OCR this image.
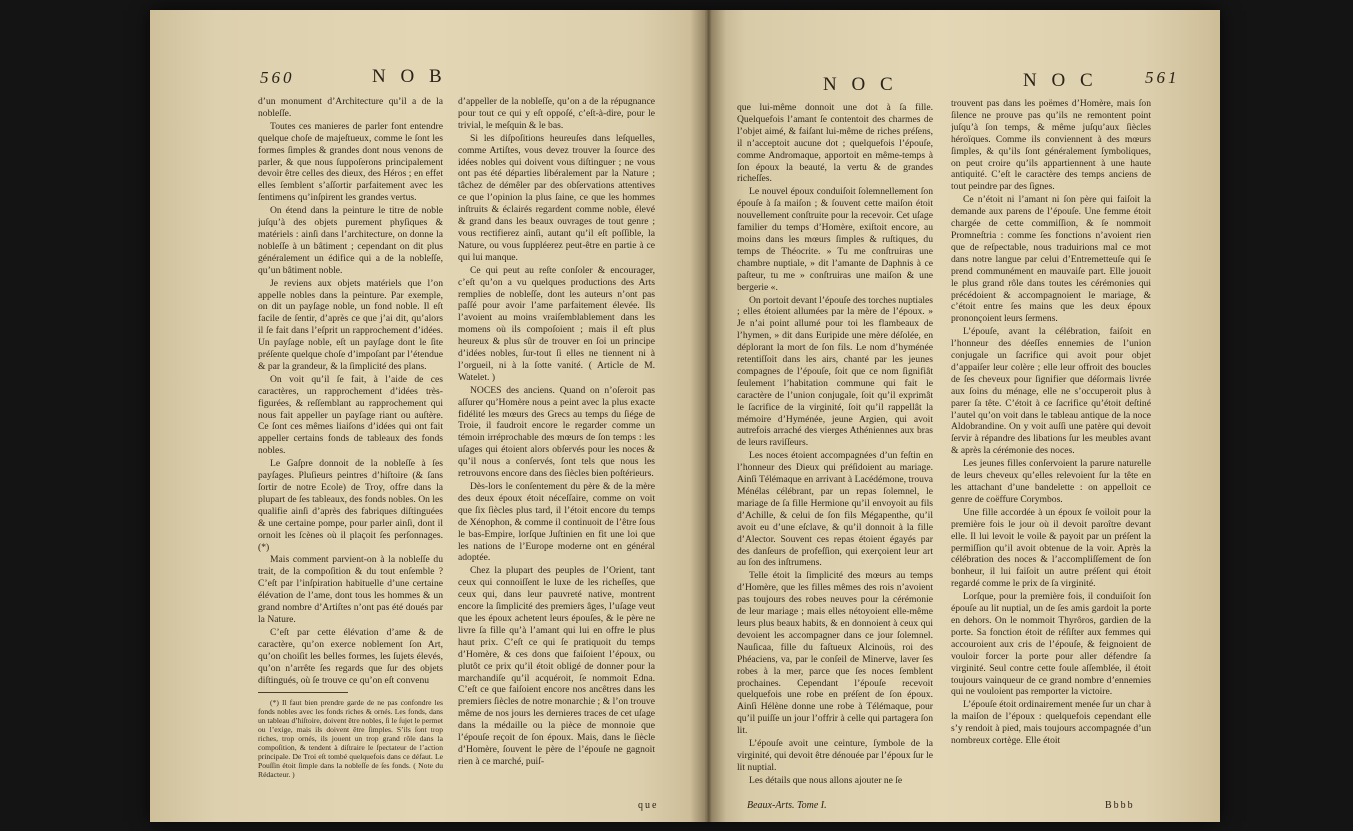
560	N O B

d’un monument d’Architecture qu’il a de la nobleſſe.

Toutes ces manieres de parler font entendre quelque choſe de majeſtueux, comme le ſont les formes ſimples & grandes dont nous venons de parler, & que nous ſuppoſerons principalement devoir être celles des dieux, des Héros ; en effet elles ſemblent s’aſſortir parfaitement avec les ſentimens qu’inſpirent les grandes vertus.

On étend dans la peinture le titre de noble juſqu’à des objets purement phyſiques & matériels : ainſi dans l’architecture, on donne la nobleſſe à un bâtiment ; cependant on dit plus généralement un édifice qui a de la nobleſſe, qu’un bâtiment noble.

Je reviens aux objets matériels que l’on appelle nobles dans la peinture. Par exemple, on dit un payſage noble, un fond noble. Il eſt facile de ſentir, d’après ce que j’ai dit, qu’alors il ſe fait dans l’eſprit un rapprochement d’idées. Un payſage noble, eſt un payſage dont le ſite préſente quelque choſe d’impoſant par l’étendue & par la grandeur, & la ſimplicité des plans.

On voit qu’il ſe fait, à l’aide de ces caractères, un rapprochement d’idées très-figurées, & reſſemblant au rapprochement qui nous fait appeller un payſage riant ou auſtère. Ce ſont ces mêmes liaiſons d’idées qui ont fait appeller certains fonds de tableaux des fonds nobles.

Le Gaſpre donnoit de la nobleſſe à ſes payſages. Pluſieurs peintres d’hiſtoire (& ſans ſortir de notre Ecole) de Troy, offre dans la plupart de ſes tableaux, des fonds nobles. On les qualifie ainſi d’après des fabriques diſtinguées & une certaine pompe, pour parler ainſi, dont il ornoit les ſcènes où il plaçoit ſes perſonnages. (*)

Mais comment parvient-on à la nobleſſe du trait, de la compoſition & du tout enſemble ? C’eſt par l’inſpiration habituelle d’une certaine élévation de l’ame, dont tous les hommes & un grand nombre d’Artiſtes n’ont pas été doués par la Nature.

C’eſt par cette élévation d’ame & de caractère, qu’on exerce noblement ſon Art, qu’on choiſit les belles formes, les ſujets élevés, qu’on n’arrête ſes regards que ſur des objets diſtingués, où ſe trouve ce qu’on eſt convenu

(*) Il faut bien prendre garde de ne pas confondre les fonds nobles avec les fonds riches & ornés. Les fonds, dans un tableau d’hiſtoire, doivent être nobles, ſi le ſujet le permet ou l’exige, mais ils doivent être ſimples. S’ils ſont trop riches, trop ornés, ils jouent un trop grand rôle dans la compoſition, & tendent à diſtraire le ſpectateur de l’action principale. De Troi eſt tombé quelquefois dans ce défaut. Le Pouſſin étoit ſimple dans la nobleſſe de ſes fonds. ( Note du Rédacteur. )

d’appeller de la nobleſſe, qu’on a de la répugnance pour tout ce qui y eſt oppoſé, c’eſt-à-dire, pour le trivial, le meſquin & le bas.

Si les diſpoſitions heureuſes dans leſquelles, comme Artiſtes, vous devez trouver la ſource des idées nobles qui doivent vous diſtinguer ; ne vous ont pas été départies libéralement par la Nature ; tâchez de démêler par des obſervations attentives ce que l’opinion la plus ſaine, ce que les hommes inſtruits & éclairés regardent comme noble, élevé & grand dans les beaux ouvrages de tout genre ; vous rectifierez ainſi, autant qu’il eſt poſſible, la Nature, ou vous ſuppléerez peut-être en partie à ce qui lui manque.

Ce qui peut au reſte conſoler & encourager, c’eſt qu’on a vu quelques productions des Arts remplies de nobleſſe, dont les auteurs n’ont pas paſſé pour avoir l’ame parfaitement élevée. Ils l’avoient au moins vraiſemblablement dans les momens où ils compoſoient ; mais il eſt plus heureux & plus sûr de trouver en ſoi un principe d’idées nobles, ſur-tout ſi elles ne tiennent ni à l’orgueil, ni à la ſotte vanité. ( Article de M. Watelet. )

NOCES des anciens. Quand on n’oſeroit pas aſſurer qu’Homère nous a peint avec la plus exacte fidélité les mœurs des Grecs au temps du ſiége de Troie, il faudroit encore le regarder comme un témoin irréprochable des mœurs de ſon temps : les uſages qui étoient alors obſervés pour les noces & qu’il nous a conſervés, ſont tels que nous les retrouvons encore dans des ſiècles bien poſtérieurs.

Dès-lors le conſentement du père & de la mère des deux époux étoit néceſſaire, comme on voit que ſix ſiècles plus tard, il l’étoit encore du temps de Xénophon, & comme il continuoit de l’être ſous le bas-Empire, lorſque Juſtinien en fit une loi que les nations de l’Europe moderne ont en général adoptée.

Chez la plupart des peuples de l’Orient, tant ceux qui connoiſſent le luxe de les richeſſes, que ceux qui, dans leur pauvreté native, montrent encore la ſimplicité des premiers âges, l’uſage veut que les époux achetent leurs épouſes, & le père ne livre ſa fille qu’à l’amant qui lui en offre le plus haut prix. C’eſt ce qui ſe pratiquoit du temps d’Homère, & ces dons que faiſoient l’époux, ou plutôt ce prix qu’il étoit obligé de donner pour la marchandiſe qu’il acquéroit, ſe nommoit Edna. C’eſt ce que faiſoient encore nos ancêtres dans les premiers ſiècles de notre monarchie ; & l’on trouve même de nos jours les dernieres traces de cet uſage dans la médaille ou la pièce de monnoie que l’épouſe reçoit de ſon époux. Mais, dans le ſiècle d’Homère, ſouvent le père de l’épouſe ne gagnoit rien à ce marché, puiſ-

que
N O C	N O C	561

que lui-même donnoit une dot à ſa fille. Quelquefois l’amant ſe contentoit des charmes de l’objet aimé, & faiſant lui-même de riches préſens, il n’acceptoit aucune dot ; quelquefois l’épouſe, comme Andromaque, apportoit en même-temps à ſon époux la beauté, la vertu & de grandes richeſſes.

Le nouvel époux conduiſoit ſolemnellement ſon épouſe à ſa maiſon ; & ſouvent cette maiſon étoit nouvellement conſtruite pour la recevoir. Cet uſage familier du temps d’Homère, exiſtoit encore, au moins dans les mœurs ſimples & ruſtiques, du temps de Théocrite. » Tu me conſtruiras une chambre nuptiale, » dit l’amante de Daphnis à ce paſteur, tu me » conſtruiras une maiſon & une bergerie «.

On portoit devant l’épouſe des torches nuptiales ; elles étoient allumées par la mère de l’époux. » Je n’ai point allumé pour toi les flambeaux de l’hymen, » dit dans Euripide une mère déſolée, en déplorant la mort de ſon fils. Le nom d’hyménée retentiſſoit dans les airs, chanté par les jeunes compagnes de l’épouſe, ſoit que ce nom ſignifiât ſeulement l’habitation commune qui fait le caractère de l’union conjugale, ſoit qu’il exprimât le ſacrifice de la virginité, ſoit qu’il rappellât la mémoire d’Hyménée, jeune Argien, qui avoit autrefois arraché des vierges Athéniennes aux bras de leurs raviſſeurs.

Les noces étoient accompagnées d’un feſtin en l’honneur des Dieux qui préſidoient au mariage. Ainſi Télémaque en arrivant à Lacédémone, trouva Ménélas célébrant, par un repas ſolemnel, le mariage de ſa fille Hermione qu’il envoyoit au fils d’Achille, & celui de ſon fils Mégapenthe, qu’il avoit eu d’une eſclave, & qu’il donnoit à la fille d’Alector. Souvent ces repas étoient égayés par des danſeurs de profeſſion, qui exerçoient leur art au ſon des inſtrumens.

Telle étoit la ſimplicité des mœurs au temps d’Homère, que les filles mêmes des rois n’avoient pas toujours des robes neuves pour la cérémonie de leur mariage ; mais elles nétoyoient elle-même leurs plus beaux habits, & en donnoient à ceux qui devoient les accompagner dans ce jour ſolemnel. Nauſicaa, fille du faſtueux Alcinoüs, roi des Phéaciens, va, par le conſeil de Minerve, laver ſes robes à la mer, parce que ſes noces ſemblent prochaines. Cependant l’épouſe recevoit quelquefois une robe en préſent de ſon époux. Ainſi Hélène donne une robe à Télémaque, pour qu’il puiſſe un jour l’offrir à celle qui partagera ſon lit.

L’épouſe avoit une ceinture, ſymbole de la virginité, qui devoit être dénouée par l’époux ſur le lit nuptial.

Les détails que nous allons ajouter ne ſe

Beaux-Arts. Tome I.

trouvent pas dans les poëmes d’Homère, mais ſon ſilence ne prouve pas qu’ils ne remontent point juſqu’à ſon temps, & même juſqu’aux ſiècles héroïques. Comme ils conviennent à des mœurs ſimples, & qu’ils ſont généralement ſymboliques, on peut croire qu’ils appartiennent à une haute antiquité. C’eſt le caractère des temps anciens de tout peindre par des ſignes.

Ce n’étoit ni l’amant ni ſon père qui faiſoit la demande aux parens de l’épouſe. Une femme étoit chargée de cette commiſſion, & ſe nommoit Promneſtria : comme ſes fonctions n’avoient rien que de reſpectable, nous traduirions mal ce mot dans notre langue par celui d’Entremetteuſe qui ſe prend communément en mauvaiſe part. Elle jouoit le plus grand rôle dans toutes les cérémonies qui précédoient & accompagnoient le mariage, & c’étoit entre ſes mains que les deux époux prononçoient leurs ſermens.

L’épouſe, avant la célébration, faiſoit en l’honneur des déeſſes ennemies de l’union conjugale un ſacrifice qui avoit pour objet d’appaiſer leur colère ; elle leur offroit des boucles de ſes cheveux pour ſignifier que déſormais livrée aux ſoins du ménage, elle ne s’occuperoit plus à parer ſa tête. C’étoit à ce ſacrifice qu’étoit deſtiné l’autel qu’on voit dans le tableau antique de la noce Aldobrandine. On y voit auſſi une patère qui devoit ſervir à répandre des libations ſur les meubles avant & après la cérémonie des noces.

Les jeunes filles conſervoient la parure naturelle de leurs cheveux qu’elles relevoient ſur la tête en les attachant d’une bandelette : on appelloit ce genre de coëffure Corymbos.

Une fille accordée à un époux ſe voiloit pour la première fois le jour où il devoit paroître devant elle. Il lui levoit le voile & payoit par un préſent la permiſſion qu’il avoit obtenue de la voir. Après la célébration des noces & l’accompliſſement de ſon bonheur, il lui faiſoit un autre préſent qui étoit regardé comme le prix de ſa virginité.

Lorſque, pour la première fois, il conduiſoit ſon épouſe au lit nuptial, un de ſes amis gardoit la porte en dehors. On le nommoit Thyrôros, gardien de la porte. Sa fonction étoit de réſiſter aux femmes qui accouroient aux cris de l’épouſe, & feignoient de vouloir forcer la porte pour aller défendre ſa virginité. Seul contre cette foule aſſemblée, il étoit toujours vainqueur de ce grand nombre d’ennemies qui ne vouloient pas remporter la victoire.

L’épouſe étoit ordinairement menée ſur un char à la maiſon de l’époux : quelquefois cependant elle s’y rendoit à pied, mais toujours accompagnée d’un nombreux cortège. Elle étoit

Bbbb
